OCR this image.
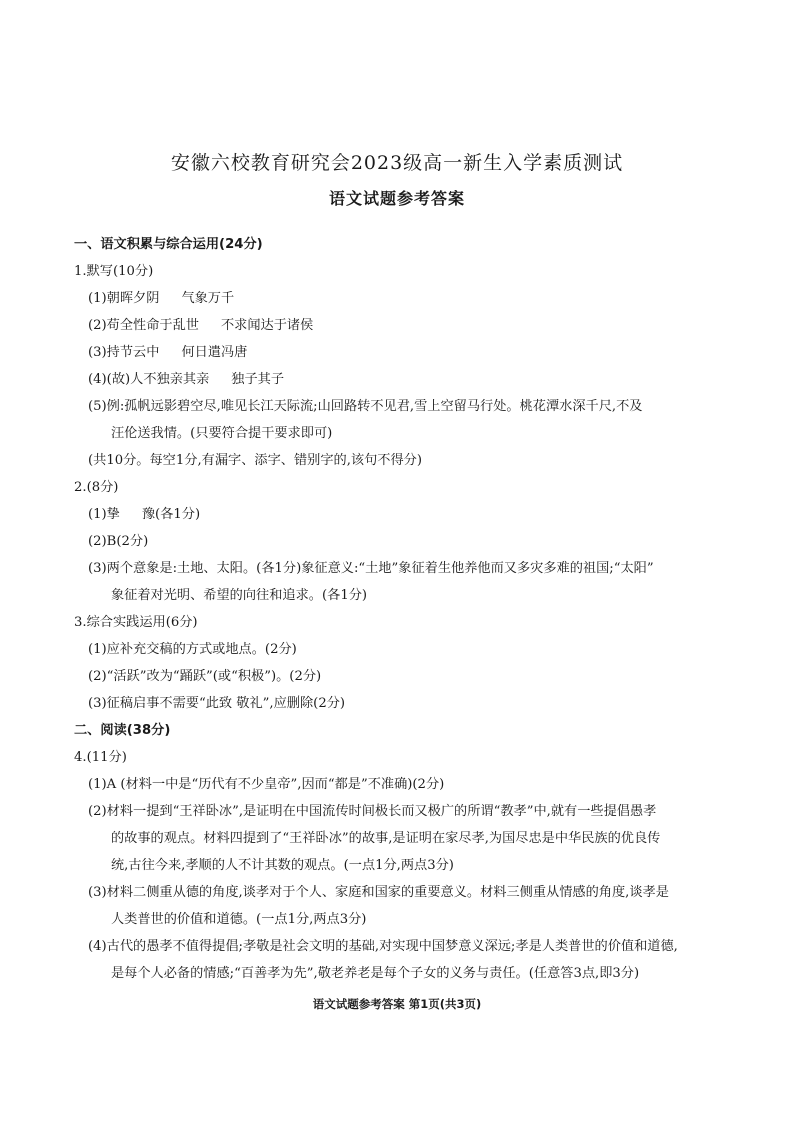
安徽六校教育研究会2023级高一新生入学素质测试
语文试题参考答案
一、语文积累与综合运用(24分)
1.默写(10分)
(1)朝晖夕阴 气象万千
(2)苟全性命于乱世 不求闻达于诸侯
(3)持节云中 何日遣冯唐
(4)(故)人不独亲其亲 独子其子
(5)例:孤帆远影碧空尽,唯见长江天际流;山回路转不见君,雪上空留马行处。桃花潭水深千尺,不及
汪伦送我情。(只要符合提干要求即可)
(共10分。每空1分,有漏字、添字、错别字的,该句不得分)
2.(8分)
(1)挚 豫(各1分)
(2)B(2分)
(3)两个意象是:土地、太阳。(各1分)象征意义:“土地”象征着生他养他而又多灾多难的祖国;“太阳”
象征着对光明、希望的向往和追求。(各1分)
3.综合实践运用(6分)
(1)应补充交稿的方式或地点。(2分)
(2)“活跃”改为“踊跃”(或“积极”)。(2分)
(3)征稿启事不需要“此致 敬礼”,应删除(2分)
二、阅读(38分)
4.(11分)
(1)A (材料一中是“历代有不少皇帝”,因而“都是”不准确)(2分)
(2)材料一提到“王祥卧冰”,是证明在中国流传时间极长而又极广的所谓“教孝”中,就有一些提倡愚孝
的故事的观点。材料四提到了“王祥卧冰”的故事,是证明在家尽孝,为国尽忠是中华民族的优良传
统,古往今来,孝顺的人不计其数的观点。(一点1分,两点3分)
(3)材料二侧重从德的角度,谈孝对于个人、家庭和国家的重要意义。材料三侧重从情感的角度,谈孝是
人类普世的价值和道德。(一点1分,两点3分)
(4)古代的愚孝不值得提倡;孝敬是社会文明的基础,对实现中国梦意义深远;孝是人类普世的价值和道德,
是每个人必备的情感;“百善孝为先”,敬老养老是每个子女的义务与责任。(任意答3点,即3分)
语文试题参考答案 第1页(共3页)
